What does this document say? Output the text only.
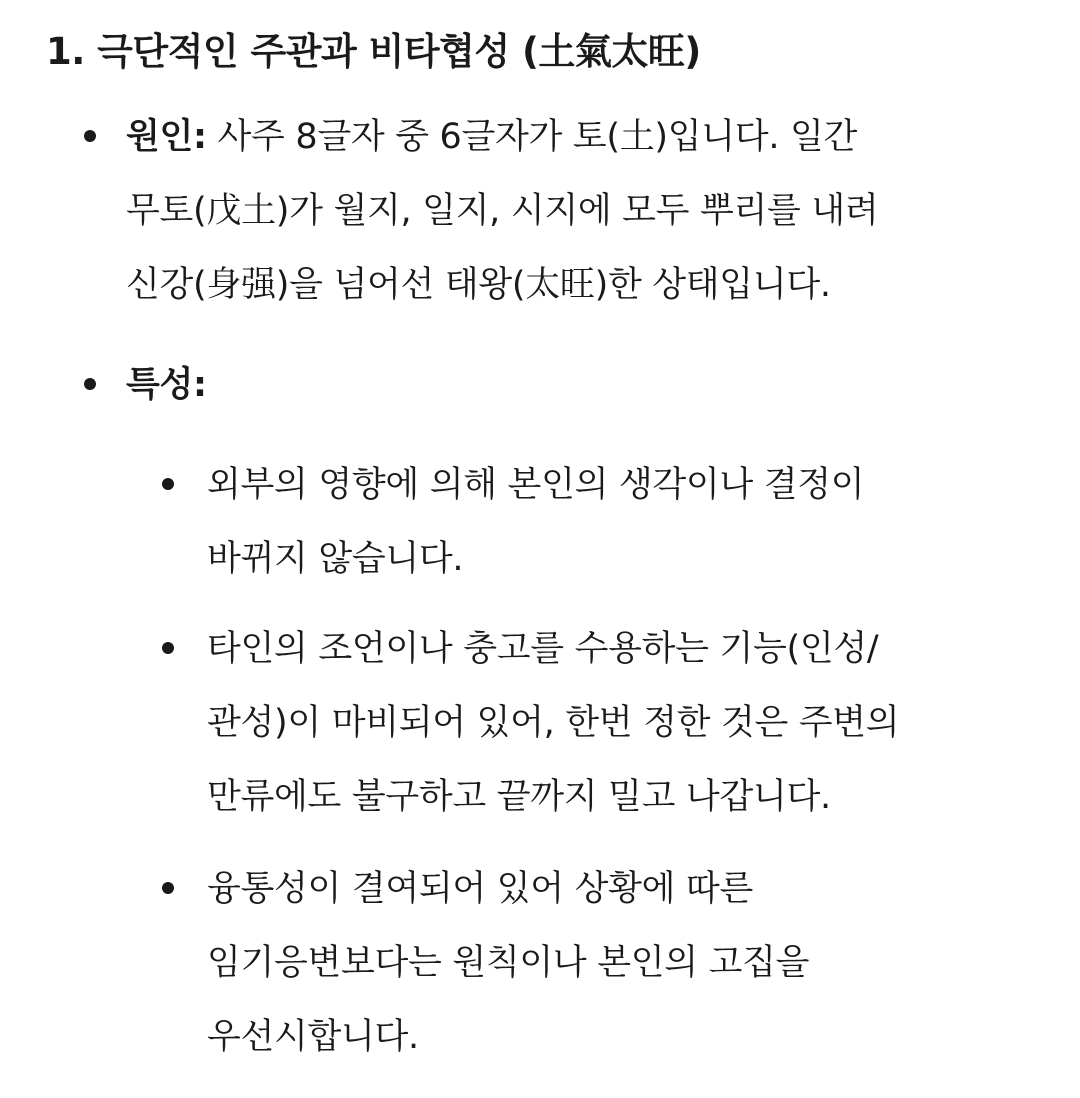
1. 극단적인 주관과 비타협성 (土氣太旺)
원인: 사주 8글자 중 6글자가 토(土)입니다. 일간
무토(戊土)가 월지, 일지, 시지에 모두 뿌리를 내려
신강(身强)을 넘어선 태왕(太旺)한 상태입니다.
특성:
외부의 영향에 의해 본인의 생각이나 결정이
바뀌지 않습니다.
타인의 조언이나 충고를 수용하는 기능(인성/
관성)이 마비되어 있어, 한번 정한 것은 주변의
만류에도 불구하고 끝까지 밀고 나갑니다.
융통성이 결여되어 있어 상황에 따른
임기응변보다는 원칙이나 본인의 고집을
우선시합니다.
